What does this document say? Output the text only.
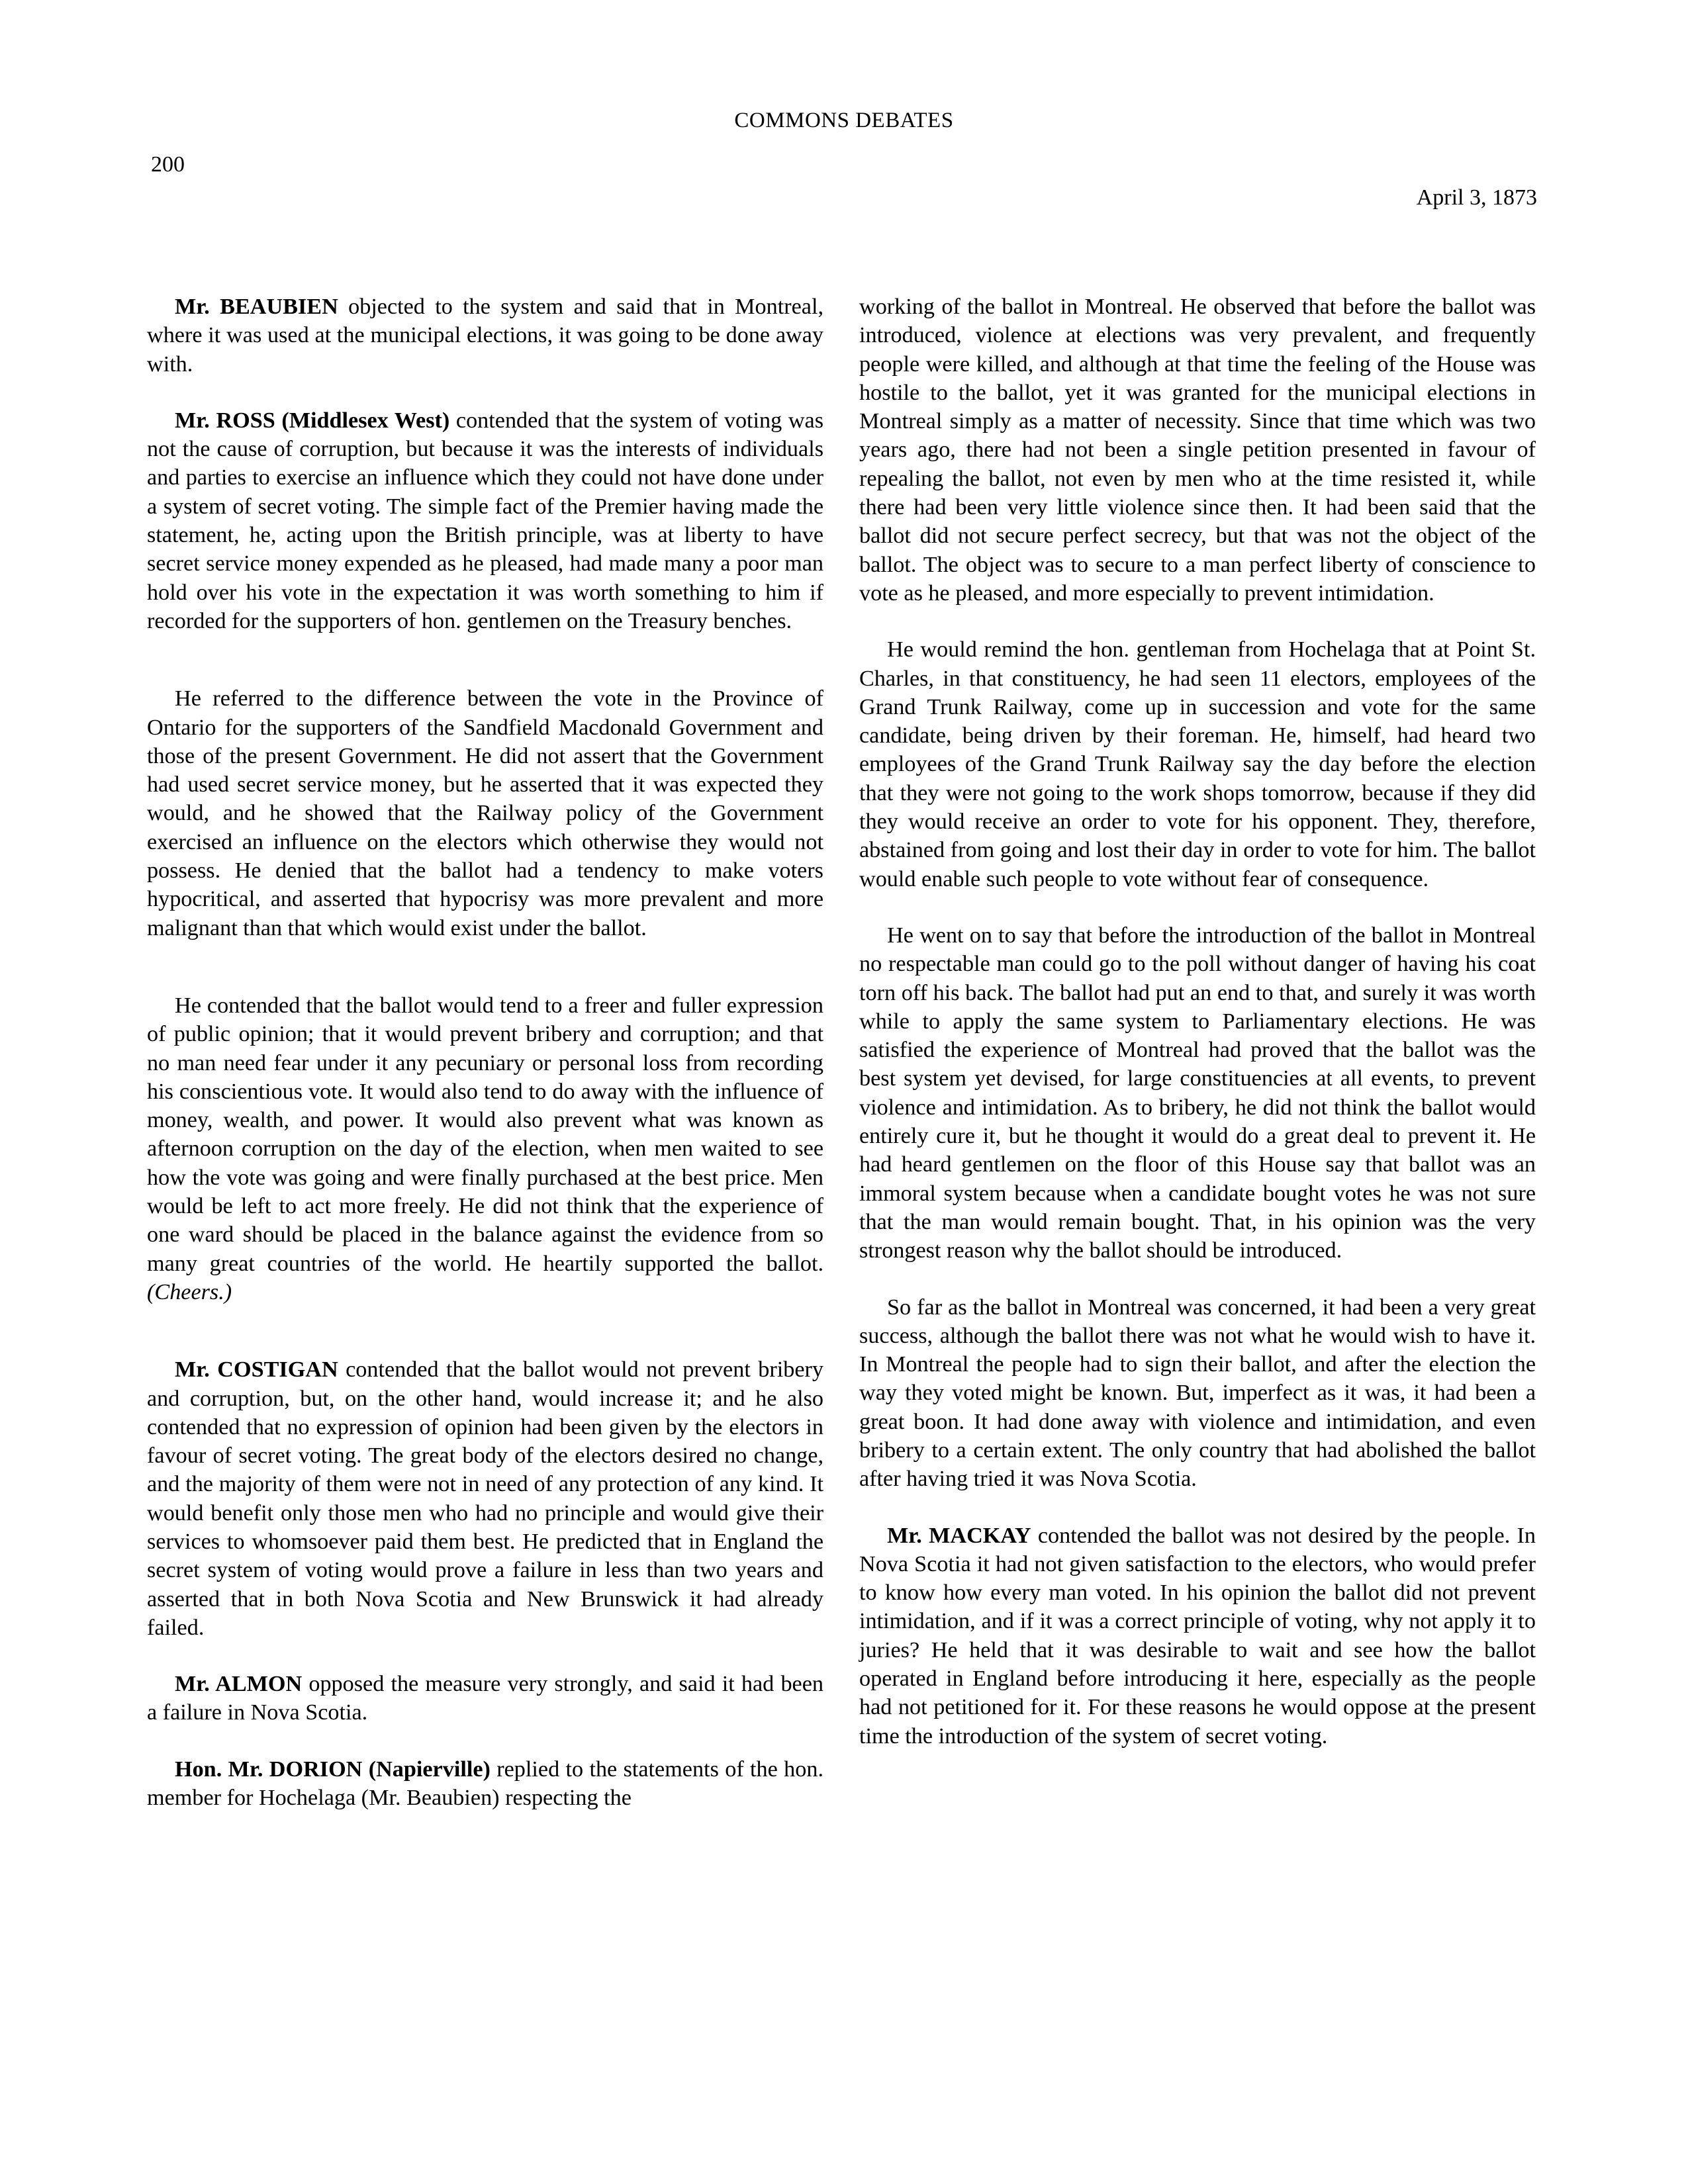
COMMONS DEBATES
200
April 3, 1873

Mr. BEAUBIEN objected to the system and said that in Montreal, where it was used at the municipal elections, it was going to be done away with.

Mr. ROSS (Middlesex West) contended that the system of voting was not the cause of corruption, but because it was the interests of individuals and parties to exercise an influence which they could not have done under a system of secret voting. The simple fact of the Premier having made the statement, he, acting upon the British principle, was at liberty to have secret service money expended as he pleased, had made many a poor man hold over his vote in the expectation it was worth something to him if recorded for the supporters of hon. gentlemen on the Treasury benches.

He referred to the difference between the vote in the Province of Ontario for the supporters of the Sandfield Macdonald Government and those of the present Government. He did not assert that the Government had used secret service money, but he asserted that it was expected they would, and he showed that the Railway policy of the Government exercised an influence on the electors which otherwise they would not possess. He denied that the ballot had a tendency to make voters hypocritical, and asserted that hypocrisy was more prevalent and more malignant than that which would exist under the ballot.

He contended that the ballot would tend to a freer and fuller expression of public opinion; that it would prevent bribery and corruption; and that no man need fear under it any pecuniary or personal loss from recording his conscientious vote. It would also tend to do away with the influence of money, wealth, and power. It would also prevent what was known as afternoon corruption on the day of the election, when men waited to see how the vote was going and were finally purchased at the best price. Men would be left to act more freely. He did not think that the experience of one ward should be placed in the balance against the evidence from so many great countries of the world. He heartily supported the ballot. (Cheers.)

Mr. COSTIGAN contended that the ballot would not prevent bribery and corruption, but, on the other hand, would increase it; and he also contended that no expression of opinion had been given by the electors in favour of secret voting. The great body of the electors desired no change, and the majority of them were not in need of any protection of any kind. It would benefit only those men who had no principle and would give their services to whomsoever paid them best. He predicted that in England the secret system of voting would prove a failure in less than two years and asserted that in both Nova Scotia and New Brunswick it had already failed.

Mr. ALMON opposed the measure very strongly, and said it had been a failure in Nova Scotia.

Hon. Mr. DORION (Napierville) replied to the statements of the hon. member for Hochelaga (Mr. Beaubien) respecting the

working of the ballot in Montreal. He observed that before the ballot was introduced, violence at elections was very prevalent, and frequently people were killed, and although at that time the feeling of the House was hostile to the ballot, yet it was granted for the municipal elections in Montreal simply as a matter of necessity. Since that time which was two years ago, there had not been a single petition presented in favour of repealing the ballot, not even by men who at the time resisted it, while there had been very little violence since then. It had been said that the ballot did not secure perfect secrecy, but that was not the object of the ballot. The object was to secure to a man perfect liberty of conscience to vote as he pleased, and more especially to prevent intimidation.

He would remind the hon. gentleman from Hochelaga that at Point St. Charles, in that constituency, he had seen 11 electors, employees of the Grand Trunk Railway, come up in succession and vote for the same candidate, being driven by their foreman. He, himself, had heard two employees of the Grand Trunk Railway say the day before the election that they were not going to the work shops tomorrow, because if they did they would receive an order to vote for his opponent. They, therefore, abstained from going and lost their day in order to vote for him. The ballot would enable such people to vote without fear of consequence.

He went on to say that before the introduction of the ballot in Montreal no respectable man could go to the poll without danger of having his coat torn off his back. The ballot had put an end to that, and surely it was worth while to apply the same system to Parliamentary elections. He was satisfied the experience of Montreal had proved that the ballot was the best system yet devised, for large constituencies at all events, to prevent violence and intimidation. As to bribery, he did not think the ballot would entirely cure it, but he thought it would do a great deal to prevent it. He had heard gentlemen on the floor of this House say that ballot was an immoral system because when a candidate bought votes he was not sure that the man would remain bought. That, in his opinion was the very strongest reason why the ballot should be introduced.

So far as the ballot in Montreal was concerned, it had been a very great success, although the ballot there was not what he would wish to have it. In Montreal the people had to sign their ballot, and after the election the way they voted might be known. But, imperfect as it was, it had been a great boon. It had done away with violence and intimidation, and even bribery to a certain extent. The only country that had abolished the ballot after having tried it was Nova Scotia.

Mr. MACKAY contended the ballot was not desired by the people. In Nova Scotia it had not given satisfaction to the electors, who would prefer to know how every man voted. In his opinion the ballot did not prevent intimidation, and if it was a correct principle of voting, why not apply it to juries? He held that it was desirable to wait and see how the ballot operated in England before introducing it here, especially as the people had not petitioned for it. For these reasons he would oppose at the present time the introduction of the system of secret voting.
